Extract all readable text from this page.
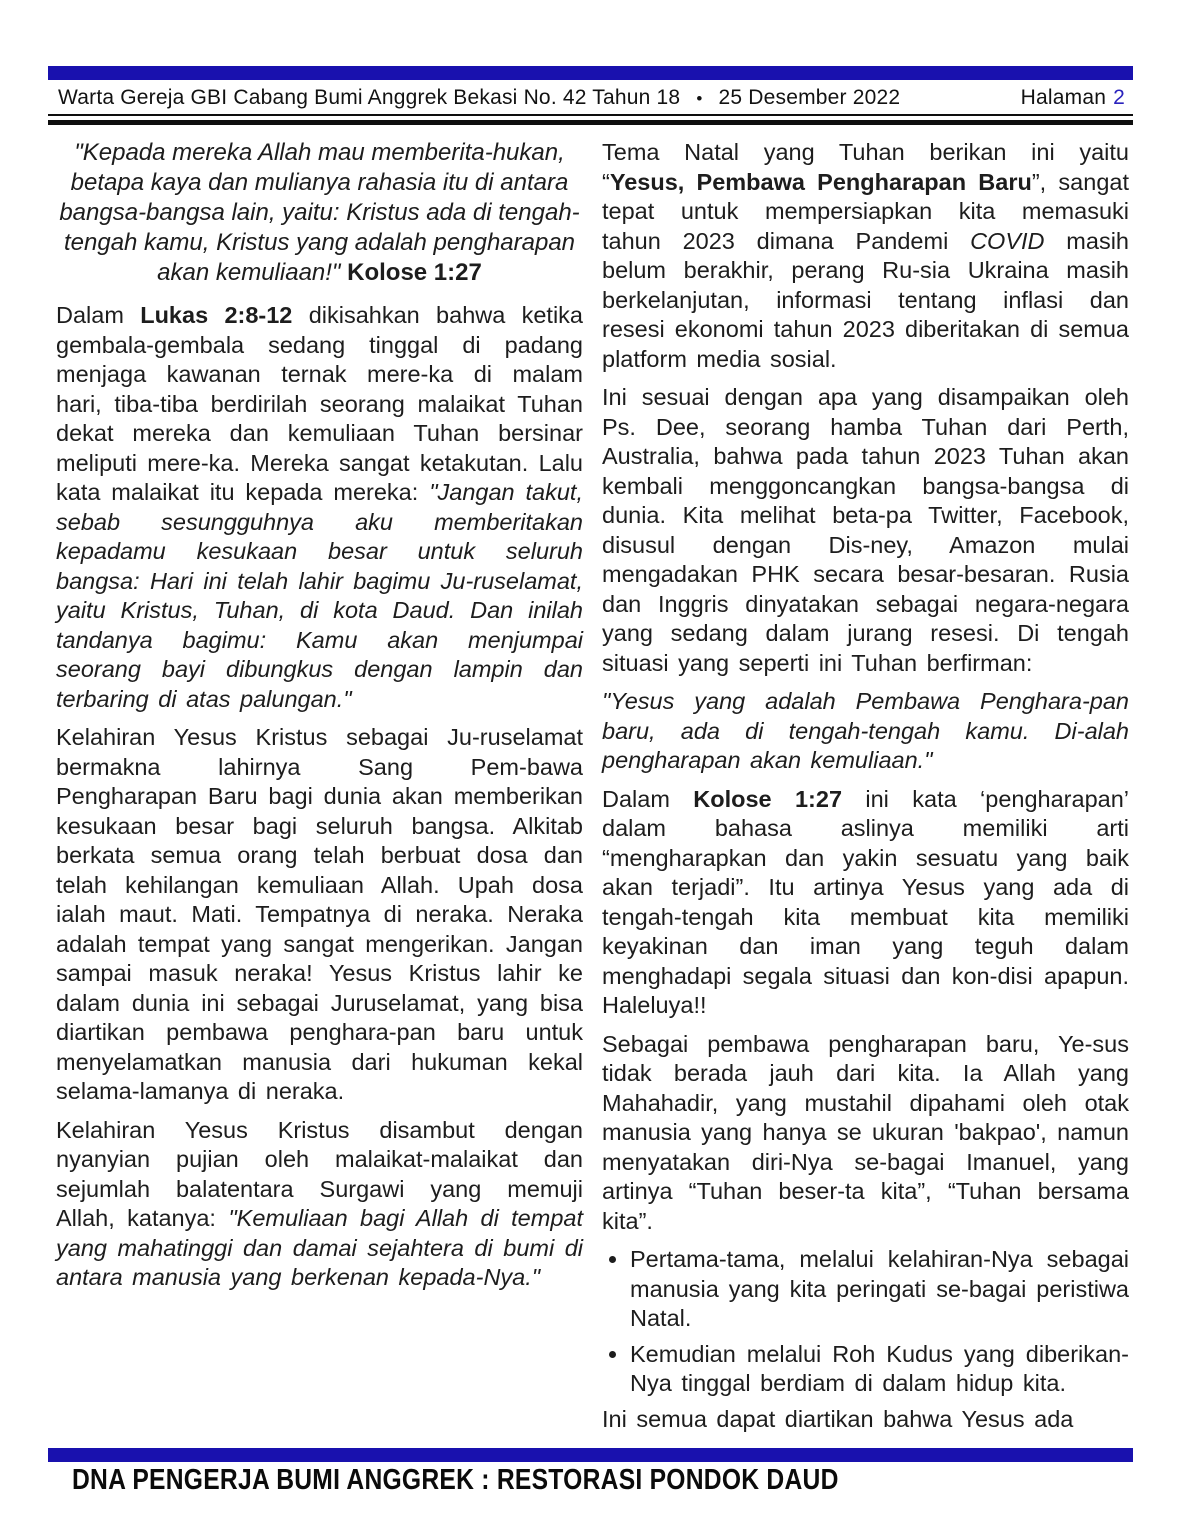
Warta Gereja GBI Cabang Bumi Anggrek Bekasi No. 42 Tahun 18 • 25 Desember 2022	Halaman 2

"Kepada mereka Allah mau memberita-hukan, betapa kaya dan mulianya rahasia itu di antara bangsa-bangsa lain, yaitu: Kristus ada di tengah-tengah kamu, Kristus yang adalah pengharapan akan kemuliaan!" Kolose 1:27

Dalam Lukas 2:8-12 dikisahkan bahwa ketika gembala-gembala sedang tinggal di padang menjaga kawanan ternak mere-ka di malam hari, tiba-tiba berdirilah seorang malaikat Tuhan dekat mereka dan kemuliaan Tuhan bersinar meliputi mere-ka. Mereka sangat ketakutan. Lalu kata malaikat itu kepada mereka: "Jangan takut, sebab sesungguhnya aku memberitakan kepadamu kesukaan besar untuk seluruh bangsa: Hari ini telah lahir bagimu Ju-ruselamat, yaitu Kristus, Tuhan, di kota Daud. Dan inilah tandanya bagimu: Kamu akan menjumpai seorang bayi dibungkus dengan lampin dan terbaring di atas palungan."

Kelahiran Yesus Kristus sebagai Ju-ruselamat bermakna lahirnya Sang Pem-bawa Pengharapan Baru bagi dunia akan memberikan kesukaan besar bagi seluruh bangsa. Alkitab berkata semua orang telah berbuat dosa dan telah kehilangan kemuliaan Allah. Upah dosa ialah maut. Mati. Tempatnya di neraka. Neraka adalah tempat yang sangat mengerikan. Jangan sampai masuk neraka! Yesus Kristus lahir ke dalam dunia ini sebagai Juruselamat, yang bisa diartikan pembawa penghara-pan baru untuk menyelamatkan manusia dari hukuman kekal selama-lamanya di neraka.

Kelahiran Yesus Kristus disambut dengan nyanyian pujian oleh malaikat-malaikat dan sejumlah balatentara Surgawi yang memuji Allah, katanya: "Kemuliaan bagi Allah di tempat yang mahatinggi dan damai sejahtera di bumi di antara manusia yang berkenan kepada-Nya."

Tema Natal yang Tuhan berikan ini yaitu “Yesus, Pembawa Pengharapan Baru”, sangat tepat untuk mempersiapkan kita memasuki tahun 2023 dimana Pandemi COVID masih belum berakhir, perang Ru-sia Ukraina masih berkelanjutan, informasi tentang inflasi dan resesi ekonomi tahun 2023 diberitakan di semua platform media sosial.

Ini sesuai dengan apa yang disampaikan oleh Ps. Dee, seorang hamba Tuhan dari Perth, Australia, bahwa pada tahun 2023 Tuhan akan kembali menggoncangkan bangsa-bangsa di dunia. Kita melihat beta-pa Twitter, Facebook, disusul dengan Dis-ney, Amazon mulai mengadakan PHK secara besar-besaran. Rusia dan Inggris dinyatakan sebagai negara-negara yang sedang dalam jurang resesi. Di tengah situasi yang seperti ini Tuhan berfirman:

"Yesus yang adalah Pembawa Penghara-pan baru, ada di tengah-tengah kamu. Di-alah pengharapan akan kemuliaan."

Dalam Kolose 1:27 ini kata ‘pengharapan’ dalam bahasa aslinya memiliki arti “mengharapkan dan yakin sesuatu yang baik akan terjadi”. Itu artinya Yesus yang ada di tengah-tengah kita membuat kita memiliki keyakinan dan iman yang teguh dalam menghadapi segala situasi dan kon-disi apapun. Haleluya!!

Sebagai pembawa pengharapan baru, Ye-sus tidak berada jauh dari kita. Ia Allah yang Mahahadir, yang mustahil dipahami oleh otak manusia yang hanya se ukuran 'bakpao', namun menyatakan diri-Nya se-bagai Imanuel, yang artinya “Tuhan beser-ta kita”, “Tuhan bersama kita”.

• Pertama-tama, melalui kelahiran-Nya sebagai manusia yang kita peringati se-bagai peristiwa Natal.
• Kemudian melalui Roh Kudus yang diberikan-Nya tinggal berdiam di dalam hidup kita.

Ini semua dapat diartikan bahwa Yesus ada

DNA PENGERJA BUMI ANGGREK : RESTORASI PONDOK DAUD
